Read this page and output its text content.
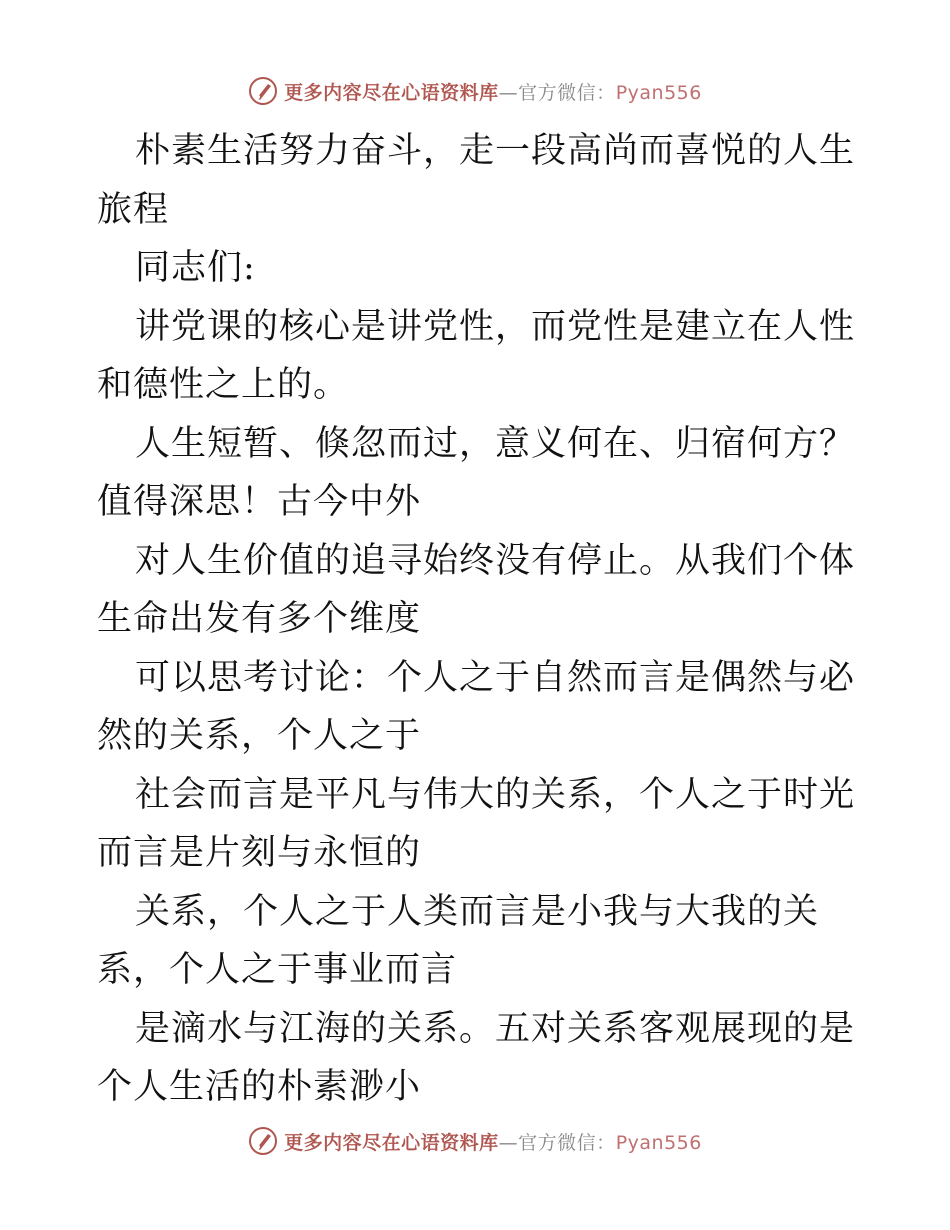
更多内容尽在心语资料库—官方微信：Pyan556

朴素生活努力奋斗，走一段高尚而喜悦的人生旅程

同志们:

讲党课的核心是讲党性，而党性是建立在人性和德性之上的。

人生短暂、倏忽而过，意义何在、归宿何方？值得深思！古今中外

对人生价值的追寻始终没有停止。从我们个体生命出发有多个维度

可以思考讨论：个人之于自然而言是偶然与必然的关系，个人之于

社会而言是平凡与伟大的关系，个人之于时光而言是片刻与永恒的

关系，个人之于人类而言是小我与大我的关系，个人之于事业而言

是滴水与江海的关系。五对关系客观展现的是个人生活的朴素渺小

更多内容尽在心语资料库—官方微信：Pyan556
